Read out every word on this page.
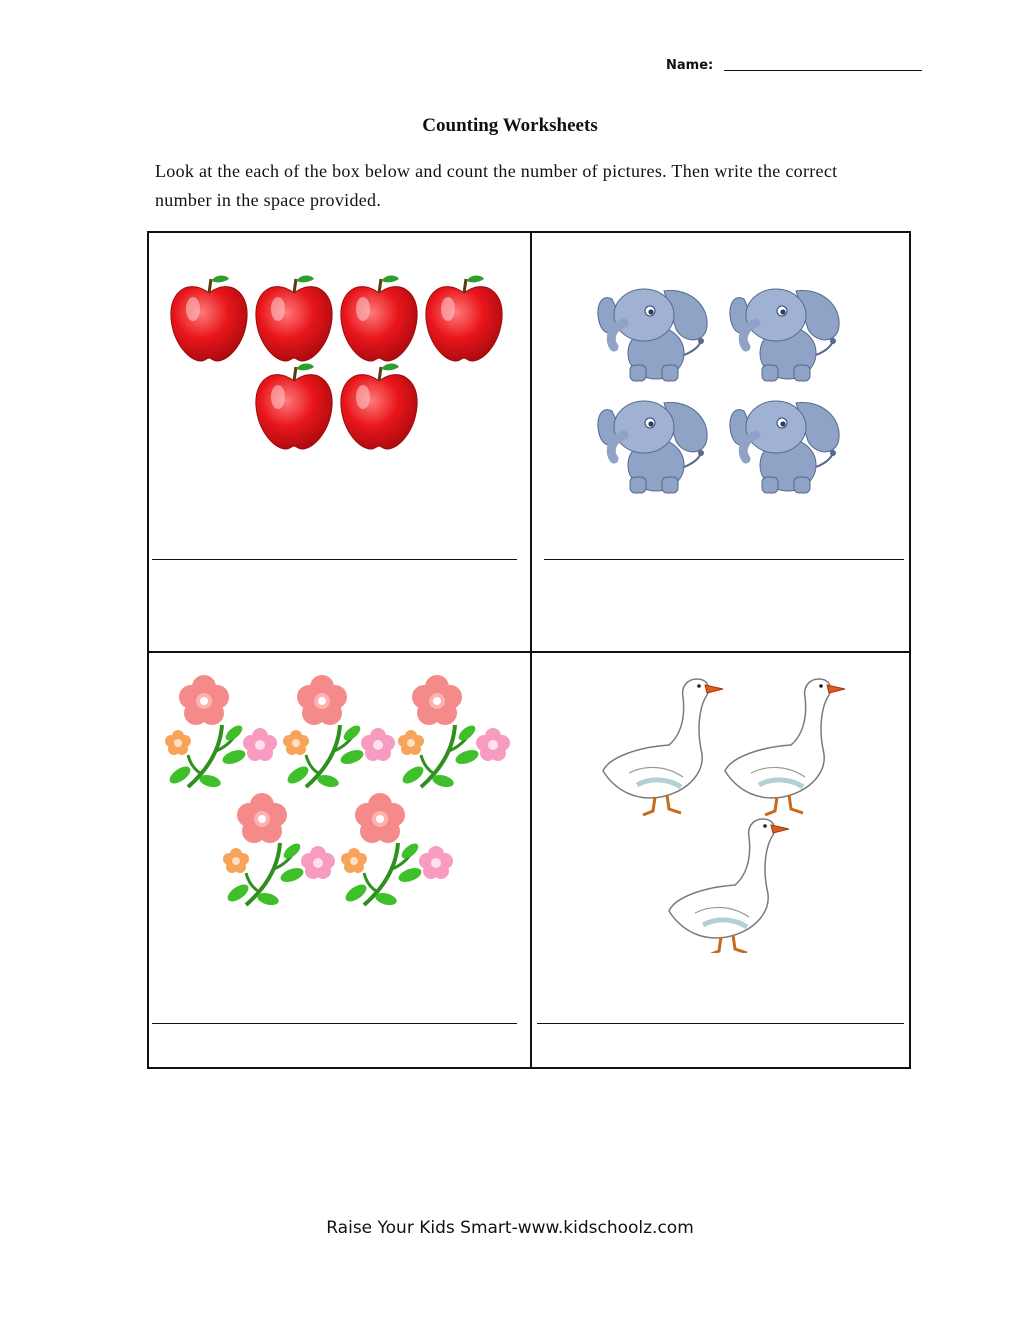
Name:
Counting Worksheets
Look at the each of the box below and count the number of pictures. Then write the correct number in the space provided.
Raise Your Kids Smart-www.kidschoolz.com
